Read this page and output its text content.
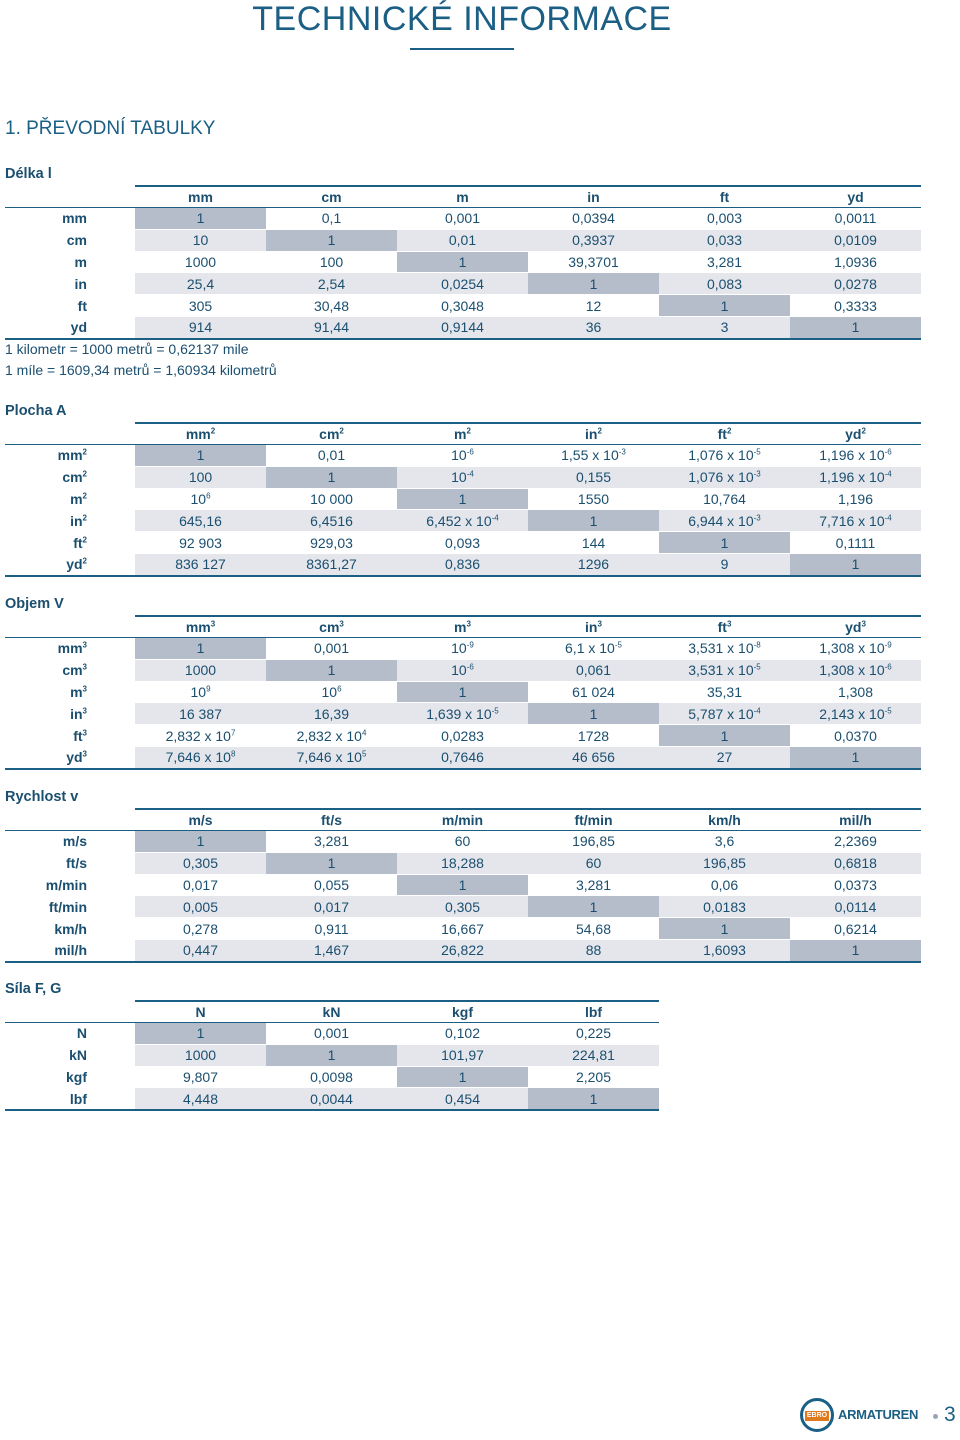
TECHNICKÉ INFORMACE
1. PŘEVODNÍ TABULKY
Délka l
	mm	cm	m	in	ft	yd
mm	1	0,1	0,001	0,0394	0,003	0,0011
cm	10	1	0,01	0,3937	0,033	0,0109
m	1000	100	1	39,3701	3,281	1,0936
in	25,4	2,54	0,0254	1	0,083	0,0278
ft	305	30,48	0,3048	12	1	0,3333
yd	914	91,44	0,9144	36	3	1
1 kilometr = 1000 metrů = 0,62137 mile
1 míle = 1609,34 metrů = 1,60934 kilometrů
Plocha A
	$mm^2$	$cm^2$	$m^2$	$in^2$	$ft^2$	$yd^2$
$mm^2$	1	0,01	$10^{-6}$	1,55 x $10^{-3}$	1,076 x $10^{-5}$	1,196 x $10^{-6}$
$cm^2$	100	1	$10^{-4}$	0,155	1,076 x $10^{-3}$	1,196 x $10^{-4}$
$m^2$	$10^6$	10 000	1	1550	10,764	1,196
$in^2$	645,16	6,4516	6,452 x $10^{-4}$	1	6,944 x $10^{-3}$	7,716 x $10^{-4}$
$ft^2$	92 903	929,03	0,093	144	1	0,1111
$yd^2$	836 127	8361,27	0,836	1296	9	1
Objem V
	$mm^3$	$cm^3$	$m^3$	$in^3$	$ft^3$	$yd^3$
$mm^3$	1	0,001	$10^{-9}$	6,1 x $10^{-5}$	3,531 x $10^{-8}$	1,308 x $10^{-9}$
$cm^3$	1000	1	$10^{-6}$	0,061	3,531 x $10^{-5}$	1,308 x $10^{-6}$
$m^3$	$10^9$	$10^6$	1	61 024	35,31	1,308
$in^3$	16 387	16,39	1,639 x $10^{-5}$	1	5,787 x $10^{-4}$	2,143 x $10^{-5}$
$ft^3$	2,832 x $10^7$	2,832 x $10^4$	0,0283	1728	1	0,0370
$yd^3$	7,646 x $10^8$	7,646 x $10^5$	0,7646	46 656	27	1
Rychlost v
	m/s	ft/s	m/min	ft/min	km/h	mil/h
m/s	1	3,281	60	196,85	3,6	2,2369
ft/s	0,305	1	18,288	60	196,85	0,6818
m/min	0,017	0,055	1	3,281	0,06	0,0373
ft/min	0,005	0,017	0,305	1	0,0183	0,0114
km/h	0,278	0,911	16,667	54,68	1	0,6214
mil/h	0,447	1,467	26,822	88	1,6093	1
Síla F, G
	N	kN	kgf	lbf
N	1	0,001	0,102	0,225
kN	1000	1	101,97	224,81
kgf	9,807	0,0098	1	2,205
lbf	4,448	0,0044	0,454	1
EBRO ARMATUREN 3
